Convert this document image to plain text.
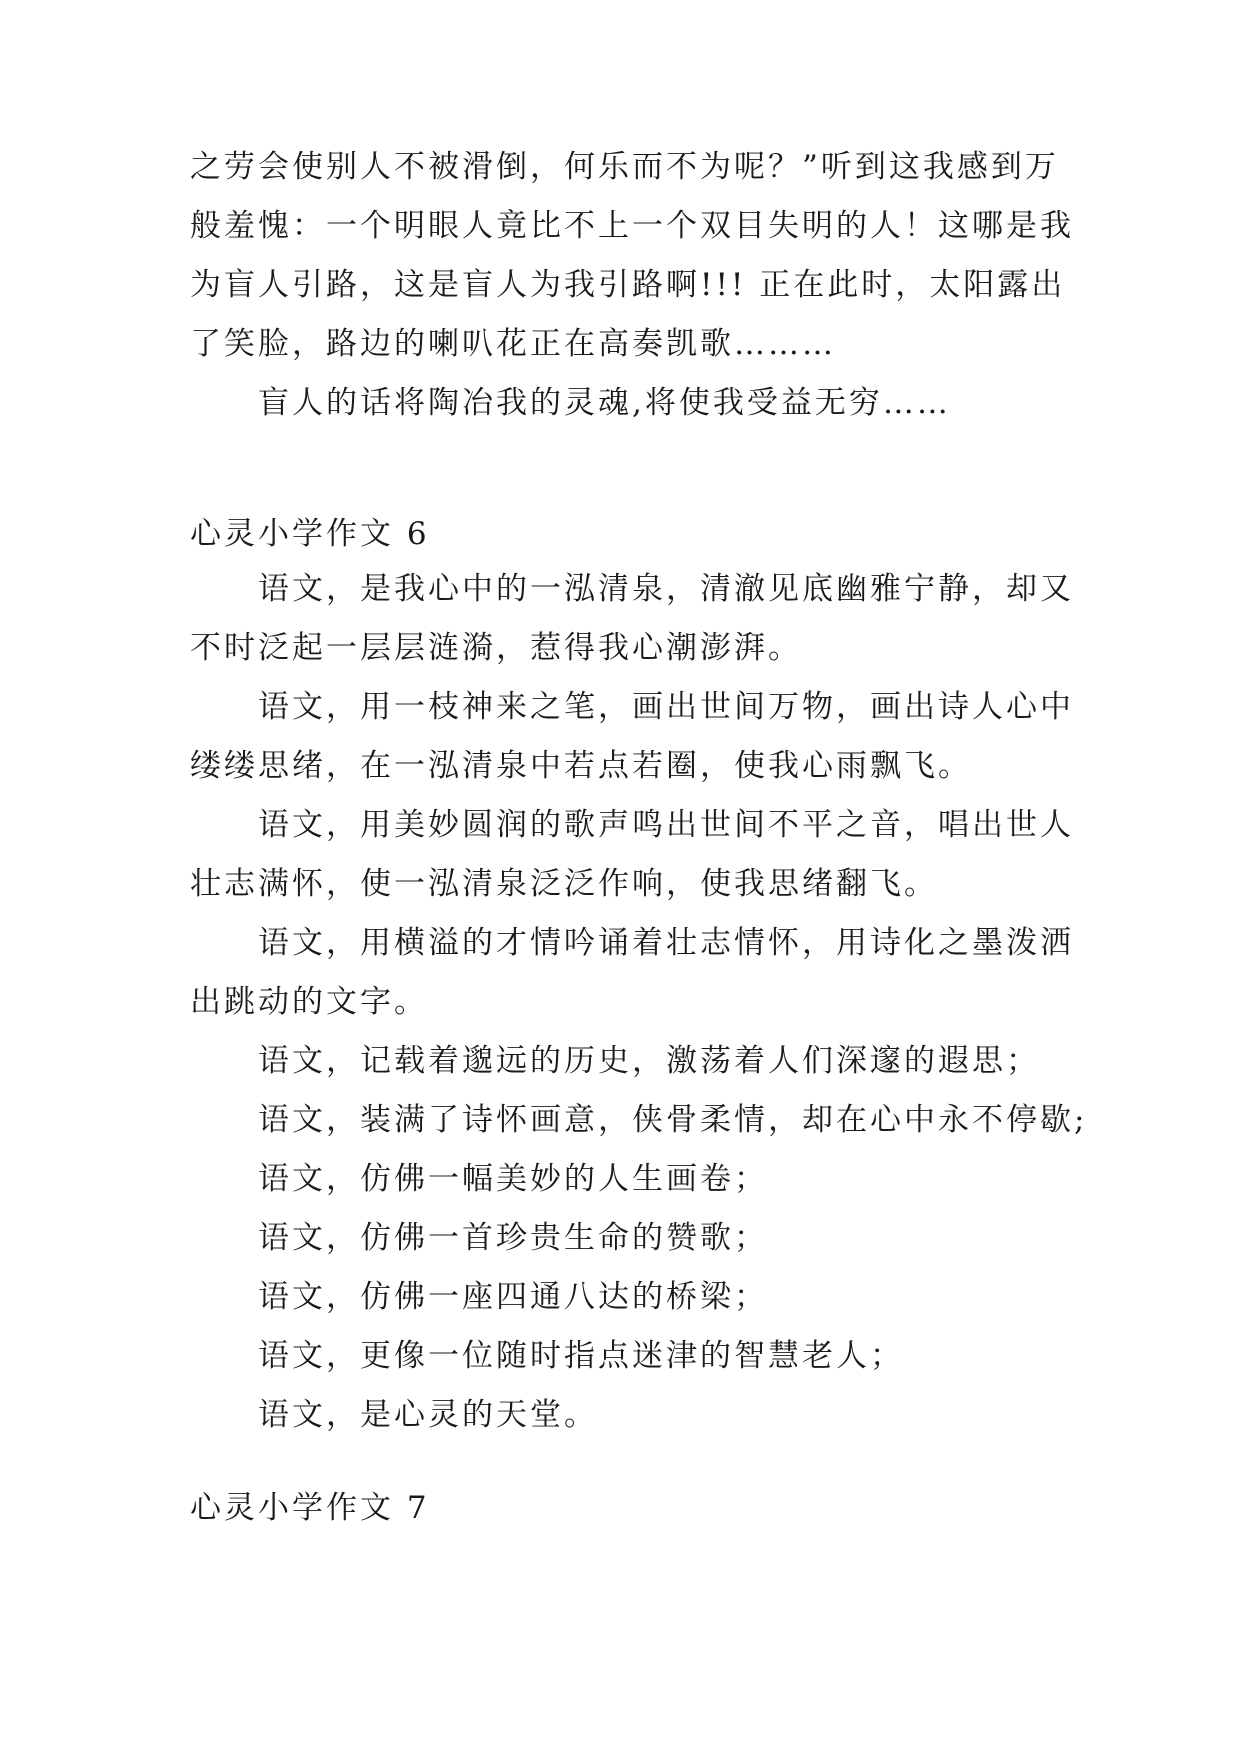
之劳会使别人不被滑倒，何乐而不为呢？”听到这我感到万
般羞愧：一个明眼人竟比不上一个双目失明的人！这哪是我
为盲人引路，这是盲人为我引路啊!!! 正在此时，太阳露出
了笑脸，路边的喇叭花正在高奏凯歌………
盲人的话将陶冶我的灵魂,将使我受益无穷……
心灵小学作文 6
语文，是我心中的一泓清泉，清澈见底幽雅宁静，却又
不时泛起一层层涟漪，惹得我心潮澎湃。
语文，用一枝神来之笔，画出世间万物，画出诗人心中
缕缕思绪，在一泓清泉中若点若圈，使我心雨飘飞。
语文，用美妙圆润的歌声鸣出世间不平之音，唱出世人
壮志满怀，使一泓清泉泛泛作响，使我思绪翻飞。
语文，用横溢的才情吟诵着壮志情怀，用诗化之墨泼洒
出跳动的文字。
语文，记载着邈远的历史，激荡着人们深邃的遐思；
语文，装满了诗怀画意，侠骨柔情，却在心中永不停歇;
语文，仿佛一幅美妙的人生画卷；
语文，仿佛一首珍贵生命的赞歌；
语文，仿佛一座四通八达的桥梁；
语文，更像一位随时指点迷津的智慧老人；
语文，是心灵的天堂。
心灵小学作文 7
